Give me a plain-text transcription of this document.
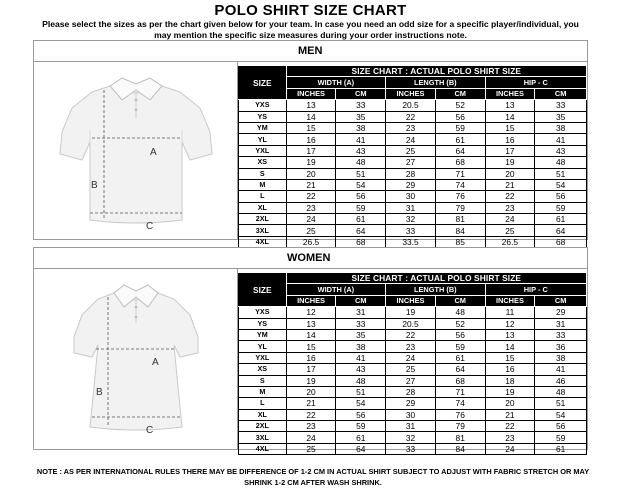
POLO SHIRT SIZE CHART
Please select the sizes as per the chart given below for your team. In case you need an odd size for a specific player/individual, you may mention the specific size measures during your order instructions note.
MEN
A
B
C
SIZE	SIZE CHART : ACTUAL POLO SHIRT SIZE					
	WIDTH (A)		LENGTH (B)		HIP - C	
	INCHES	CM	INCHES	CM	INCHES	CM
YXS	13	33	20.5	52	13	33
YS	14	35	22	56	14	35
YM	15	38	23	59	15	38
YL	16	41	24	61	16	41
YXL	17	43	25	64	17	43
XS	19	48	27	68	19	48
S	20	51	28	71	20	51
M	21	54	29	74	21	54
L	22	56	30	76	22	56
XL	23	59	31	79	23	59
2XL	24	61	32	81	24	61
3XL	25	64	33	84	25	64
4XL	26.5	68	33.5	85	26.5	68
WOMEN
A
B
C
SIZE	SIZE CHART : ACTUAL POLO SHIRT SIZE					
	WIDTH (A)		LENGTH (B)		HIP - C	
	INCHES	CM	INCHES	CM	INCHES	CM
YXS	12	31	19	48	11	29
YS	13	33	20.5	52	12	31
YM	14	35	22	56	13	33
YL	15	38	23	59	14	36
YXL	16	41	24	61	15	38
XS	17	43	25	64	16	41
S	19	48	27	68	18	46
M	20	51	28	71	19	48
L	21	54	29	74	20	51
XL	22	56	30	76	21	54
2XL	23	59	31	79	22	56
3XL	24	61	32	81	23	59
4XL	25	64	33	84	24	61
NOTE : AS PER INTERNATIONAL RULES THERE MAY BE DIFFERENCE OF 1-2 CM IN ACTUAL SHIRT SUBJECT TO ADJUST WITH FABRIC STRETCH OR MAY SHRINK 1-2 CM AFTER WASH SHRINK.
